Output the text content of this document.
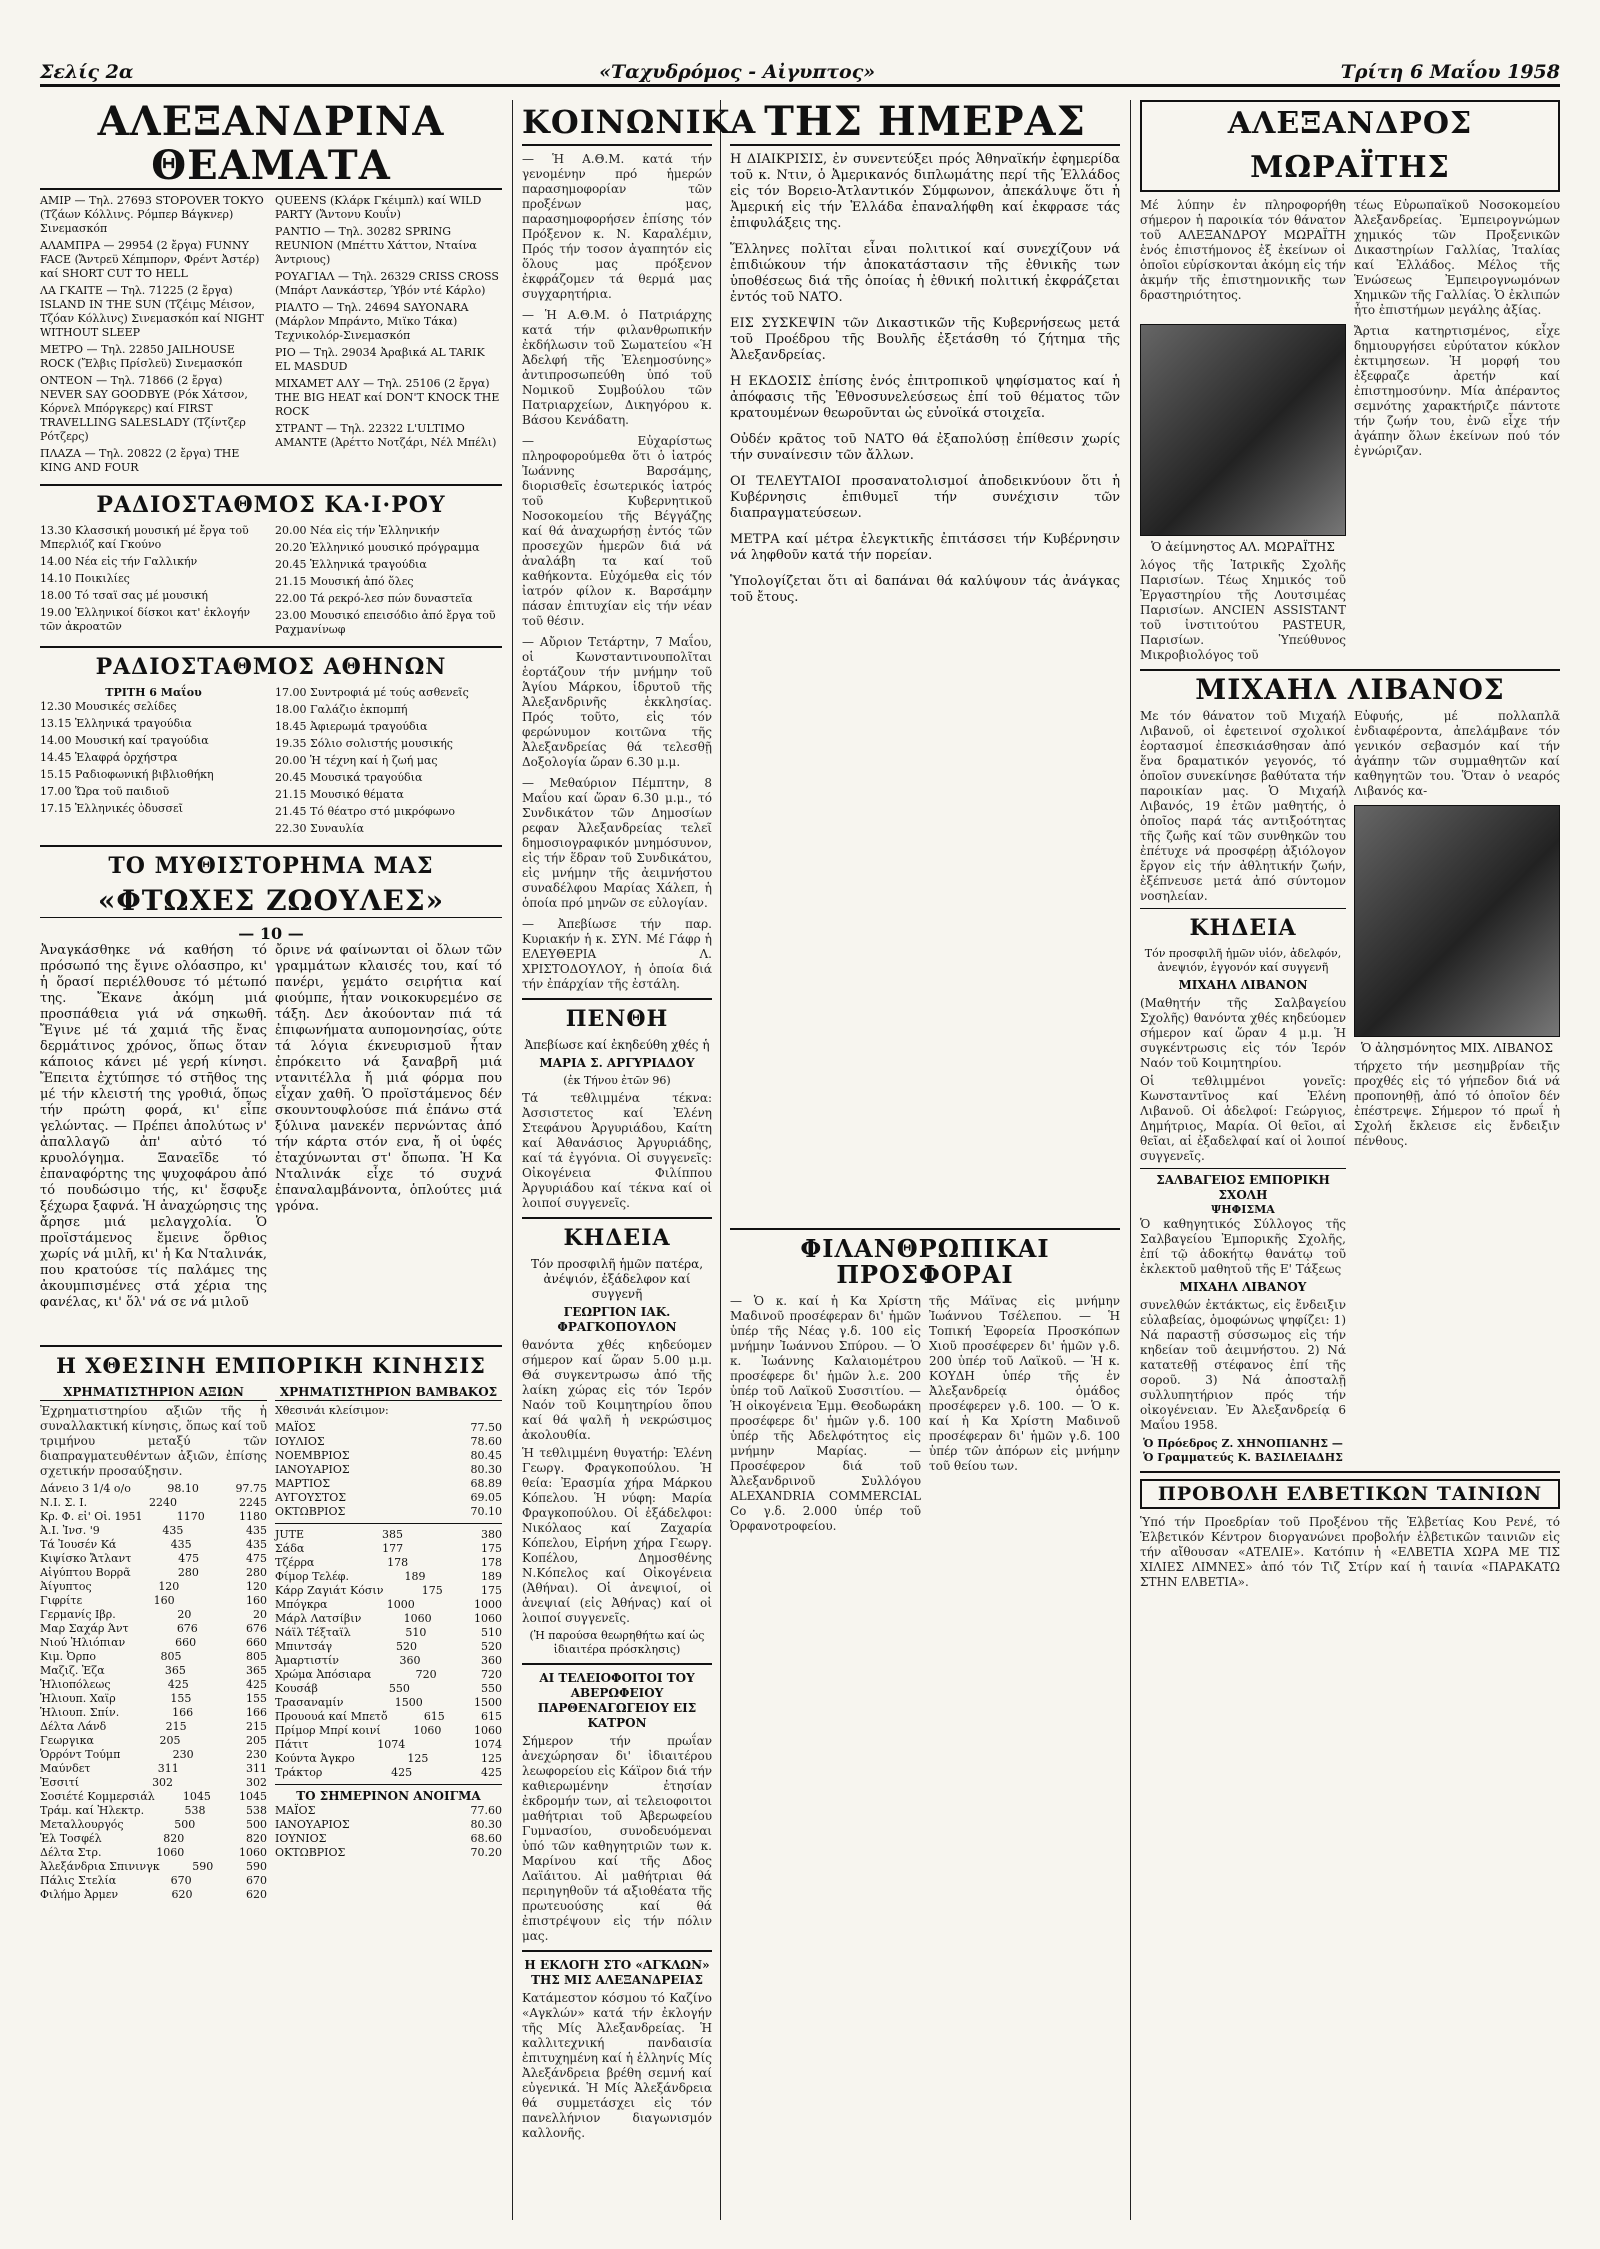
Σελίς 2α	«Ταχυδρόμος - Αἰγυπτος»	Τρίτη 6 Μαΐου 1958
ΑΛΕΞΑΝΔΡΙΝΑ ΘΕΑΜΑΤΑ
ΑΜΙΡ — Τηλ. 27693 STOPOVER TOKYO (Τζάων Κόλλινς. Ρόμπερ Βάγκνερ) Σινεμασκόπ
ΑΛΑΜΠΡΑ — 29954 (2 ἔργα) FUNNY FACE (Ἄντρεϋ Χέπμπορν, Φρέντ Ἀστέρ) καί SHORT CUT TO HELL
ΛΑ ΓΚΑΙΤΕ — Τηλ. 71225 (2 ἔργα) ISLAND IN THE SUN (Τζέιμς Μέισον, Τζόαν Κόλλινς) Σινεμασκόπ καί NIGHT WITHOUT SLEEP
ΜΕΤΡΟ — Τηλ. 22850 JAILHOUSE ROCK (Ἔλβις Πρίσλεϋ) Σινεμασκόπ
ΟΝΤΕΟΝ — Τηλ. 71866 (2 ἔργα) NEVER SAY GOODBYE (Ρόκ Χάτσον, Κόρνελ Μπόργκερς) καί FIRST TRAVELLING SALESLADY (Τζίντζερ Ρότζερς)
ΠΛΑΖΑ — Τηλ. 20822 (2 ἔργα) THE KING AND FOUR
QUEENS (Κλάρκ Γκέιμπλ) καί WILD PARTY (Ἄντονυ Κουΐν)
ΡΑΝΤΙΟ — Τηλ. 30282 SPRING REUNION (Μπέττυ Χάττον, Νταίνα Άντριους)
ΡΟΥΑΓΙΑΛ — Τηλ. 26329 CRISS CROSS (Μπάρτ Λανκάστερ, Ύβόν ντέ Κάρλο)
ΡΙΑΛΤΟ — Τηλ. 24694 SAYONARA (Μάρλον Μπράντο, Μιϊκο Τάκα) Τεχνικολόρ-Σινεμασκόπ
ΡΙΟ — Τηλ. 29034 Ἀραβικά AL TARIK EL MASDUD
ΜΙΧΑΜΕΤ ΑΛΥ — Τηλ. 25106 (2 ἔργα) THE BIG HEAT καί DON'T KNOCK THE ROCK
ΣΤΡΑΝΤ — Τηλ. 22322 L'ULTIMO AMANTE (Ἀρέττο Νοτζάρι, Νέλ Μπέλι)
ΡΑΔΙΟΣΤΑΘΜΟΣ ΚΑ·Ι·ΡΟΥ
13.30 Κλασσική μουσική μέ ἔργα τοῦ Μπερλιόζ καί Γκούνο
14.00 Νέα εἰς τήν Γαλλικήν
14.10 Ποικιλίες
18.00 Τό τσαϊ σας μέ μουσική
19.00 Ἐλληνικοί δίσκοι κατ' ἐκλογήν τῶν ἀκροατῶν
20.00 Νέα εἰς τήν Ἑλληνικήν
20.20 Ἑλληνικό μουσικό πρόγραμμα
20.45 Ἑλληνικά τραγούδια
21.15 Μουσική ἀπό ὅλες
22.00 Τά ρεκρό-λεσ πών δυναστεῖα
23.00 Μουσικό επεισόδιο ἀπό ἔργα τοῦ Ραχμανίνωφ
ΡΑΔΙΟΣΤΑΘΜΟΣ ΑΘΗΝΩΝ
ΤΡΙΤΗ 6 Μαΐου
12.30 Μουσικές σελίδες
13.15 Ἑλληνικά τραγούδια
14.00 Μουσική καί τραγούδια
14.45 Ἑλαφρά ὀρχήστρα
15.15 Ραδιοφωνική βιβλιοθήκη
17.00 Ὥρα τοῦ παιδιοῦ
17.15 Ἑλληνικές ὀδυσσεῖ
17.00 Συντροφιά μέ τούς ασθενεῖς
18.00 Γαλάζιο ἐκπομπή
18.45 Ἀφιερωμά τραγούδια
19.35 Σόλιο σολιστής μουσικής
20.00 Ἡ τέχνη καί ἡ ζωή μας
20.45 Μουσικά τραγούδια
21.15 Μουσικό θέματα
21.45 Τό θέατρο στό μικρόφωνο
22.30 Συναυλία
ΤΟ ΜΥΘΙΣΤΟΡΗΜΑ ΜΑΣ
«ΦΤΩΧΕΣ ΖΩΟΥΛΕΣ»
— 10 —
Ἀναγκάσθηκε νά καθήση τό πρόσωπό της ἔγινε ολόασπρο, κι' ἡ ὅρασί περιέλθουσε τό μέτωπό της. Ἔκανε ἀκόμη μιά προσπάθεια γιά νά σηκωθῆ. Ἔγινε μέ τά χαμιά τῆς ἔνας δερμάτινος χρόνος, ὅπως ὅταν κάποιος κάνει μέ γερή κίνησι. Ἔπειτα ἐχτύπησε τό στῆθος της μέ τήν κλειστή της γροθιά, ὅπως τήν πρώτη φορά, κι' εἶπε γελώντας. — Πρέπει ἀπολύτως ν' ἀπαλλαγῶ ἀπ' αὐτό τό κρυολόγημα. Ξαναεῖδε τό ἐπαναφόρτης της ψυχοφάρου ἀπό τό πουδώσιμο τής, κι' ἔσφυξε ξέχωρα ξαφνά. Ἡ ἀναχώρησις της ἄρησε μιά μελαγχολία. Ὁ προϊστάμενος ἔμεινε ὅρθιος χωρίς νά μιλῆ, κι' ἡ Κα Νταλινάκ, που κρατούσε τίς παλάμες της ἀκουμπισμένες στά χέρια της φανέλας, κι' ὅλ' νά σε νά μιλοῦ
ὄρινε νά φαίνωνται οἱ ὄλων τῶν γραμμάτων κλαισές του, καί τό πανέρι, γεμάτο σειρήτια καί φιούμπε, ἦταν νοικοκυρεμένο σε τάξη. Δεν ἀκούονταν πιά τά ἐπιφωνήματα αυπομονησίας, ούτε τά λόγια έκνευρισμοῦ ἦταν ἐπρόκειτο νά ξαναβρῆ μιά ντανιτέλλα ἤ μιά φόρμα που εἶχαν χαθῆ. Ὁ προϊστάμενος δέν σκουντουφλούσε πιά ἐπάνω στά ξύλινα μανεκέν περνώντας ἀπό τήν κάρτα στόν ενα, ἤ οἱ ὑφές ἐταχύνωνται στ' ὄπωπα. Ἡ Κα Νταλινάκ εἶχε τό συχνά ἐπαναλαμβάνοντα, ὁπλούτες μιά γρόνα.
Η ΧΘΕΣΙΝΗ ΕΜΠΟΡΙΚΗ ΚΙΝΗΣΙΣ
ΧΡΗΜΑΤΙΣΤΗΡΙΟΝ ΑΞΙΩΝ
Ἐχρηματιστηρίου αξιῶν τῆς ἡ συναλλακτική κίνησις, ὅπως καί τοῦ τριμήνου μεταξύ τῶν διαπραγματευθέντων ἀξιῶν, ἐπίσης σχετικήν προσαύξησιν.
Δάνειο 3 1/4 ο/ο	98.10	97.75
Ν.Ι. Σ. Ι.	2240	2245
Κρ. Φ. εἰ' Οἰ. 1951	1170	1180
Ἀ.Ι. Ἰνσ. '9	435	435
Τά Ἰουσέν Κά	435	435
Κιψίσκο Ἄτλαντ	475	475
Αἰγύπτου Βορρᾶ	280	280
Ἀίγυπτος	120	120
Γιφρίτε	160	160
Γερμανίς Ιβρ.	20	20
Μαρ Σαχάρ Άντ	676	676
Νιού Ἡλιόπιαν	660	660
Κιμ. Ὀρπο	805	805
Μαζιζ. Ἐζα	365	365
Ἡλιοπόλεως	425	425
Ἡλιουπ. Χαϊρ	155	155
Ἡλιουπ. Σπίν.	166	166
Δέλτα Λάνδ	215	215
Γεωργικα	205	205
Ὁρρόντ Τούμπ	230	230
Μαύνδετ	311	311
Ἐσσιτί	302	302
Σοσιέτέ Κομμερσιάλ	1045	1045
Τράμ. καί Ἠλεκτρ.	538	538
Μεταλλουργός	500	500
Ἑλ Τοσφέλ	820	820
Δέλτα Στρ.	1060	1060
Ἀλεξάνδρια Σπινινγκ	590	590
Πάλις Στελία	670	670
Φιλήμο Ἀρμεν	620	620
ΧΡΗΜΑΤΙΣΤΗΡΙΟΝ ΒΑΜΒΑΚΟΣ
Χθεσινάι κλείσιμον:
ΜΑΪΟΣ	77.50
ΙΟΥΛΙΟΣ	78.60
ΝΟΕΜΒΡΙΟΣ	80.45
ΙΑΝΟΥΑΡΙΟΣ	80.30
ΜΑΡΤΙΟΣ	68.89
ΑΥΓΟΥΣΤΟΣ	69.05
ΟΚΤΩΒΡΙΟΣ	70.10
JUTE	385	380
Σάδα	177	175
Τζέρρα	178	178
Φίμορ Τελέφ.	189	189
Κάρρ Ζαγιάτ Κόσιν	175	175
Μπόγκρα	1000	1000
Μάρλ Λατσίβιν	1060	1060
Νάϊλ Τέξταϊλ	510	510
Μπιντσάγ	520	520
Ἀμαρτιστίν	360	360
Χρώμα Ἀπόσιαρα	720	720
Κουσάβ	550	550
Τρασαναμίν	1500	1500
Προυουά καί Μπετὄ	615	615
Πρίμορ Μπρί κοινί	1060	1060
Πάτιτ	1074	1074
Κούντα Ἀγκρο	125	125
Τράκτορ	425	425
ΤΟ ΣΗΜΕΡΙΝΟΝ ΑΝΟΙΓΜΑ
ΜΑΪΟΣ	77.60
ΙΑΝΟΥΑΡΙΟΣ	80.30
ΙΟΥΝΙΟΣ	68.60
ΟΚΤΩΒΡΙΟΣ	70.20
ΚΟΙΝΩΝΙΚΑ
— Ἡ Α.Θ.Μ. κατά τήν γενομένην πρό ἡμερών παρασημοφορίαν τῶν προξένων μας, παρασημοφορήσεν ἐπίσης τόν Πρόξενον κ. Ν. Καραλέμιν, Πρός τήν τοσον ἀγαπητόν εἰς ὅλους μας πρόξενον ἐκφράζομεν τά θερμά μας συγχαρητήρια.
— Ἡ Α.Θ.Μ. ὁ Πατριάρχης κατά τήν φιλανθρωπικήν ἐκδήλωσιν τοῦ Σωματείου «Ἡ Ἀδελφή τῆς Ἐλεημοσύνης» ἀντιπροσωπεύθη ὑπό τοῦ Νομικοῦ Συμβούλου τῶν Πατριαρχείων, Δικηγόρου κ. Βάσου Κενάδατη.
— Εὐχαρίστως πληροφορούμεθα ὅτι ὁ ἰατρός Ἰωάννης Βαρσάμης, διορισθεῖς ἐσωτερικός ἰατρός τοῦ Κυβερνητικοῦ Νοσοκομείου τῆς Βέγγάζης καί θά ἀναχωρήσῃ ἐντός τῶν προσεχῶν ἡμερῶν διά νά ἀναλάβη τα καί τοῦ καθήκοντα. Εὐχόμεθα εἰς τόν ἰατρόν φίλον κ. Βαρσάμην πάσαν ἐπιτυχίαν εἰς τήν νέαν τοῦ θέσιν.
— Αὔριον Τετάρτην, 7 Μαΐου, οἱ Κωνσταντινουπολῖται ἑορτάζουν τήν μνήμην τοῦ Ἁγίου Μάρκου, ἱδρυτοῦ τῆς Ἀλεξανδρινῆς ἐκκλησίας. Πρός τοῦτο, εἰς τόν φερώνυμον κοιτῶνα τῆς Ἀλεξανδρείας θά τελεσθῇ Δοξολογία ὥραν 6.30 μ.μ.
— Μεθαύριον Πέμπτην, 8 Μαΐου καί ὥραν 6.30 μ.μ., τό Συνδικάτον τῶν Δημοσίων ρεφαν Ἀλεξανδρείας τελεῖ δημοσιογραφικόν μνημόσυνον, εἰς τήν ἕδραν τοῦ Συνδικάτου, εἰς μνήμην τῆς ἀειμνήστου συναδέλφου Μαρίας Χάλεπ, ἡ ὁποία πρό μηνῶν σε εὐλογίαν.
— Ἀπεβίωσε τήν παρ. Κυριακήν ἡ κ. ΣΥΝ. Μέ Γάφρ ἡ ΕΛΕΥΘΕΡΙΑ Λ. ΧΡΙΣΤΟΔΟΥΛΟΥ, ἡ ὁποία διά τήν ἐπάρχίαν τῆς ἐστάλη.
ΠΕΝΘΗ
Ἀπεβίωσε καί ἐκηδεύθη χθές ἡ
ΜΑΡΙΑ Σ. ΑΡΓΥΡΙΑΔΟΥ
(ἐκ Τήνου ἐτῶν 96)
Τά τεθλιμμένα τέκνα: Ἀσσιστετος καί Ἐλένη Στεφάνου Ἀργυριάδου, Καίτη καί Ἀθανάσιος Ἀργυριάδης, καί τά ἐγγόνια. Οἱ συγγενεῖς: Οἰκογένεια Φιλίππου Ἀργυριάδου καί τέκνα καί οἱ λοιποί συγγενεῖς.
ΚΗΔΕΙΑ
Τόν προσφιλῆ ἡμῶν πατέρα, ἀνέψιόν, ἐξάδελφον καί συγγενῆ
ΓΕΩΡΓΙΟΝ ΙΑΚ. ΦΡΑΓΚΟΠΟΥΛΟΝ
θανόντα χθές κηδεύομεν σήμερον καί ὥραν 5.00 μ.μ. Θά συγκεντρωσω ἀπό τῆς λαίκη χώρας εἰς τόν Ἱερόν Ναόν τοῦ Κοιμητηρίου ὅπου καί θά ψαλῆ ἡ νεκρώσιμος ἀκολουθία.
Ἡ τεθλιμμένη θυγατήρ: Ἑλένη Γεωργ. Φραγκοπούλου. Ἡ θεία: Ἐρασμία χήρα Μάρκου Κόπελου. Ἡ νύφη: Μαρία Φραγκοπούλου. Οἱ ἐξάδελφοι: Νικόλαος καί Ζαχαρία Κόπελου, Εἰρήνη χήρα Γεωργ. Κοπέλου, Δημοσθένης Ν.Κόπελος καί Οἰκογένεια (Ἀθήναι). Οἱ ἀνεψιοί, οἱ ἀνεψιαί (εἰς Ἀθήνας) καί οἱ λοιποί συγγενεῖς.
(Ἡ παρούσα θεωρηθήτω καί ὡς ἰδιαιτέρα πρόσκλησις)
ΑΙ ΤΕΛΕΙΟΦΟΙΤΟΙ ΤΟΥ ΑΒΕΡΩΦΕΙΟΥ ΠΑΡΘΕΝΑΓΩΓΕΙΟΥ ΕΙΣ ΚΑΤΡΟΝ
Σήμερον τήν πρωΐαν ἀνεχώρησαν δι' ἰδιαιτέρου λεωφορείου εἰς Κάϊρον διά τήν καθιερωμένην ἐτησίαν ἐκδρομήν των, αἱ τελειοφοιτοι μαθήτριαι τοῦ Ἀβερωφείου Γυμνασίου, συνοδευόμεναι ὑπό τῶν καθηγητριῶν των κ. Μαρίνου καί τῆς Δδος Λαϊάιτου. Αἱ μαθήτριαι θά περιηγηθοῦν τά αξιοθέατα τῆς πρωτευούσης καί θά ἐπιστρέψουν εἰς τήν πόλιν μας.
Η ΕΚΛΟΓΗ ΣΤΟ «ΑΓΚΛΩΝ» ΤΗΣ ΜΙΣ ΑΛΕΞΑΝΔΡΕΙΑΣ
Κατάμεστον κόσμου τό Καζίνο «Αγκλών» κατά τήν ἐκλογήν τῆς Μίς Ἀλεξανδρείας. Ἡ καλλιτεχνική πανδαισία ἐπιτυχημένη καί ἡ ἑλληνίς Μίς Ἀλεξάνδρεια βρέθη σεμνή καί εὐγενικά. Ἡ Μίς Ἀλεξάνδρεια θά συμμετάσχει εἰς τόν πανελλήνιον διαγωνισμόν καλλονῆς.
ΤΗΣ ΗΜΕΡΑΣ
Η ΔΙΑΙΚΡΙΣΙΣ, ἐν συνεντεύξει πρός Ἀθηναϊκήν ἐφημερίδα τοῦ κ. Ντιν, ὁ Ἀμερικανός διπλωμάτης περί τῆς Ἑλλάδος εἰς τόν Βορειο-Ἀτλαντικόν Σύμφωνον, ἀπεκάλυψε ὅτι ἡ Ἀμερική εἰς τήν Ἑλλάδα ἐπαναλήφθη καί ἐκφρασε τάς ἐπιφυλάξεις της.
Ἕλληνες πολῖται εἶναι πολιτικοί καί συνεχίζουν νά ἐπιδιώκουν τήν ἀποκατάστασιν τῆς ἐθνικῆς των ὑποθέσεως διά τῆς ὁποίας ἡ ἐθνική πολιτική ἐκφράζεται ἐντός τοῦ ΝΑΤΟ.
ΕΙΣ ΣΥΣΚΕΨΙΝ τῶν Δικαστικῶν τῆς Κυβερνήσεως μετά τοῦ Προέδρου τῆς Βουλῆς ἐξετάσθη τό ζήτημα τῆς Ἀλεξανδρείας.
Η ΕΚΔΟΣΙΣ ἐπίσης ἑνός ἐπιτροπικοῦ ψηφίσματος καί ἡ ἀπόφασις τῆς Ἐθνοσυνελεύσεως ἐπί τοῦ θέματος τῶν κρατουμένων θεωροῦνται ὡς εὐνοϊκά στοιχεῖα.
Οὐδέν κρᾶτος τοῦ ΝΑΤΟ θά ἐξαπολύσῃ ἐπίθεσιν χωρίς τήν συναίνεσιν τῶν ἄλλων.
ΟΙ ΤΕΛΕΥΤΑΙΟΙ προσανατολισμοί ἀποδεικνύουν ὅτι ἡ Κυβέρνησις ἐπιθυμεῖ τήν συνέχισιν τῶν διαπραγματεύσεων.
ΜΕΤΡΑ καί μέτρα ἐλεγκτικῆς ἐπιτάσσει τήν Κυβέρνησιν νά ληφθοῦν κατά τήν πορείαν.
Ὑπολογίζεται ὅτι αἱ δαπάναι θά καλύψουν τάς ἀνάγκας τοῦ ἔτους.
ΦΙΛΑΝΘΡΩΠΙΚΑΙ ΠΡΟΣΦΟΡΑΙ
— Ὁ κ. καί ἡ Κα Χρίστη Μαδινοῦ προσέφεραν δι' ἡμῶν ὑπέρ τῆς Νέας γ.δ. 100 εἰς μνήμην Ἰωάννου Σπύρου. — Ὁ κ. Ἰωάννης Καλαιομέτρου προσέφερε δι' ἡμῶν λ.ε. 200 ὑπέρ τοῦ Λαϊκοῦ Συσσιτίου. — Ἡ οἰκογένεια Ἐμμ. Θεοδωράκη προσέφερε δι' ἡμῶν γ.δ. 100 ὑπέρ τῆς Ἀδελφότητος εἰς μνήμην Μαρίας. — Προσέφερον διά τοῦ Ἀλεξανδρινοῦ Συλλόγου ALEXANDRIA COMMERCIAL Co γ.δ. 2.000 ὑπέρ τοῦ Ὀρφανοτροφείου.
τῆς Μάϊνας εἰς μνήμην Ἰωάννου Τσέλεπου. — Ἡ Τοπική Ἐφορεία Προσκόπων Χιοῦ προσέφερεν δι' ἡμῶν γ.δ. 200 ὑπέρ τοῦ Λαϊκοῦ. — Ἡ κ. ΚΟΥΔΗ ὑπέρ τῆς ἐν Ἀλεξανδρείᾳ ὁμάδος προσέφερεν γ.δ. 100. — Ὁ κ. καί ἡ Κα Χρίστη Μαδινοῦ προσέφεραν δι' ἡμῶν γ.δ. 100 ὑπέρ τῶν ἀπόρων εἰς μνήμην τοῦ θείου των.
ΑΛΕΞΑΝΔΡΟΣ ΜΩΡΑΪΤΗΣ
Μέ λύπην ἐν πληροφορήθη σήμερον ἡ παροικία τόν θάνατον τοῦ ΑΛΕΞΑΝΔΡΟΥ ΜΩΡΑΪΤΗ ἑνός ἐπιστήμονος ἐξ ἐκείνων οἱ ὁποῖοι εὑρίσκονται ἀκόμη εἰς τήν ἀκμήν τῆς ἐπιστημονικῆς των δραστηριότητος.
τέως Εὐρωπαϊκοῦ Νοσοκομείου Ἀλεξανδρείας. Ἐμπειρογνώμων χημικός τῶν Προξενικῶν Δικαστηρίων Γαλλίας, Ἰταλίας καί Ἑλλάδος. Μέλος τῆς Ἑνώσεως Ἐμπειρογνωμόνων Χημικῶν τῆς Γαλλίας. Ὁ ἐκλιπών ἦτο ἐπιστήμων μεγάλης ἀξίας.
Ὁ ἀείμνηστος ΑΛ. ΜΩΡΑΪΤΗΣ
λόγος τῆς Ἰατρικῆς Σχολῆς Παρισίων. Τέως Χημικός τοῦ Ἐργαστηρίου τῆς Λουτσιμέας Παρισίων. ANCIEN ASSISTANT τοῦ ἰνστιτούτου PASTEUR, Παρισίων. Ὑπεύθυνος Μικροβιολόγος τοῦ
Ἄρτια κατηρτισμένος, εἶχε δημιουργήσει εὐρύτατον κύκλον ἐκτιμησεων. Ἡ μορφή του ἐξεφραζε ἀρετήν καί ἐπιστημοσύνην. Μία ἀπέραντος σεμνότης χαρακτήριζε πάντοτε τήν ζωήν του, ἐνῶ εἶχε τήν ἀγάπην ὅλων ἐκείνων πού τόν ἐγνώριζαν.
ΜΙΧΑΗΛ ΛΙΒΑΝΟΣ
Με τόν θάνατον τοῦ Μιχαήλ Λιβανοῦ, οἱ ἐφετεινοί σχολικοί ἑορτασμοί ἐπεσκιάσθησαν ἀπό ἕνα δραματικόν γεγονός, τό ὁποῖον συνεκίνησε βαθύτατα τήν παροικίαν μας. Ὁ Μιχαήλ Λιβανός, 19 ἐτῶν μαθητής, ὁ ὁποῖος παρά τάς αντιξοότητας τῆς ζωῆς καί τῶν συνθηκῶν του ἐπέτυχε νά προσφέρῃ ἀξιόλογον ἔργον εἰς τήν ἀθλητικήν ζωήν, ἐξέπνευσε μετά ἀπό σύντομον νοσηλείαν.
ΚΗΔΕΙΑ
Τόν προσφιλῆ ἡμῶν υἱόν, ἀδελφόν, ἀνεψιόν, ἐγγονόν καί συγγενῆ
ΜΙΧΑΗΛ ΛΙΒΑΝΟΝ
(Μαθητήν τῆς Σαλβαγείου Σχολῆς) θανόντα χθές κηδεύομεν σήμερον καί ὥραν 4 μ.μ. Ἡ συγκέντρωσις εἰς τόν Ἱερόν Ναόν τοῦ Κοιμητηρίου.
Οἱ τεθλιμμένοι γονεῖς: Κωνσταντῖνος καί Ἑλένη Λιβανοῦ. Οἱ ἀδελφοί: Γεώργιος, Δημήτριος, Μαρία. Οἱ θεῖοι, αἱ θεῖαι, αἱ ἐξαδελφαί καί οἱ λοιποί συγγενεῖς.
ΣΑΛΒΑΓΕΙΟΣ ΕΜΠΟΡΙΚΗ ΣΧΟΛΗ
ΨΗΦΙΣΜΑ
Ὁ καθηγητικός Σύλλογος τῆς Σαλβαγείου Ἐμπορικῆς Σχολῆς, ἐπί τῷ ἀδοκήτῳ θανάτῳ τοῦ ἐκλεκτοῦ μαθητοῦ τῆς Ε' Τάξεως
ΜΙΧΑΗΛ ΛΙΒΑΝΟΥ
συνελθών ἐκτάκτως, εἰς ἔνδειξιν εὐλαβείας, ὁμοφώνως ψηφίζει: 1) Νά παραστῇ σύσσωμος εἰς τήν κηδείαν τοῦ ἀειμνήστου. 2) Νά κατατεθῇ στέφανος ἐπί τῆς σοροῦ. 3) Νά ἀποσταλῇ συλλυπητήριον πρός τήν οἰκογένειαν. Ἐν Ἀλεξανδρείᾳ 6 Μαΐου 1958.
Ὁ Πρόεδρος Ζ. ΧΗΝΟΠΙΑΝΗΣ — Ὁ Γραμματεύς Κ. ΒΑΣΙΛΕΙΑΔΗΣ
Εὐφυής, μέ πολλαπλᾶ ἐνδιαφέροντα, ἀπελάμβανε τόν γενικόν σεβασμόν καί τήν ἀγάπην τῶν συμμαθητῶν καί καθηγητῶν του. Ὅταν ὁ νεαρός Λιβανός κα-
Ὁ ἀλησμόνητος ΜΙΧ. ΛΙΒΑΝΟΣ
τήρχετο τήν μεσημβρίαν τῆς προχθές εἰς τό γήπεδον διά νά προπονηθῇ, ἀπό τό ὁποῖον δέν ἐπέστρεψε. Σήμερον τό πρωΐ ἡ Σχολή ἔκλεισε εἰς ἔνδειξιν πένθους.
ΠΡΟΒΟΛΗ ΕΛΒΕΤΙΚΩΝ ΤΑΙΝΙΩΝ
Ὑπό τήν Προεδρίαν τοῦ Προξένου τῆς Ἑλβετίας Κου Ρενέ, τό Ἑλβετικόν Κέντρον διοργανώνει προβολήν ἑλβετικῶν ταινιῶν εἰς τήν αἴθουσαν «ΑΤΕΛΙΕ». Κατόπιν ἡ «ΕΛΒΕΤΙΑ ΧΩΡΑ ΜΕ ΤΙΣ ΧΙΛΙΕΣ ΛΙΜΝΕΣ» ἀπό τόν Τιζ Στίρν καί ἡ ταινία «ΠΑΡΑΚΑΤΩ ΣΤΗΝ ΕΛΒΕΤΙΑ».
